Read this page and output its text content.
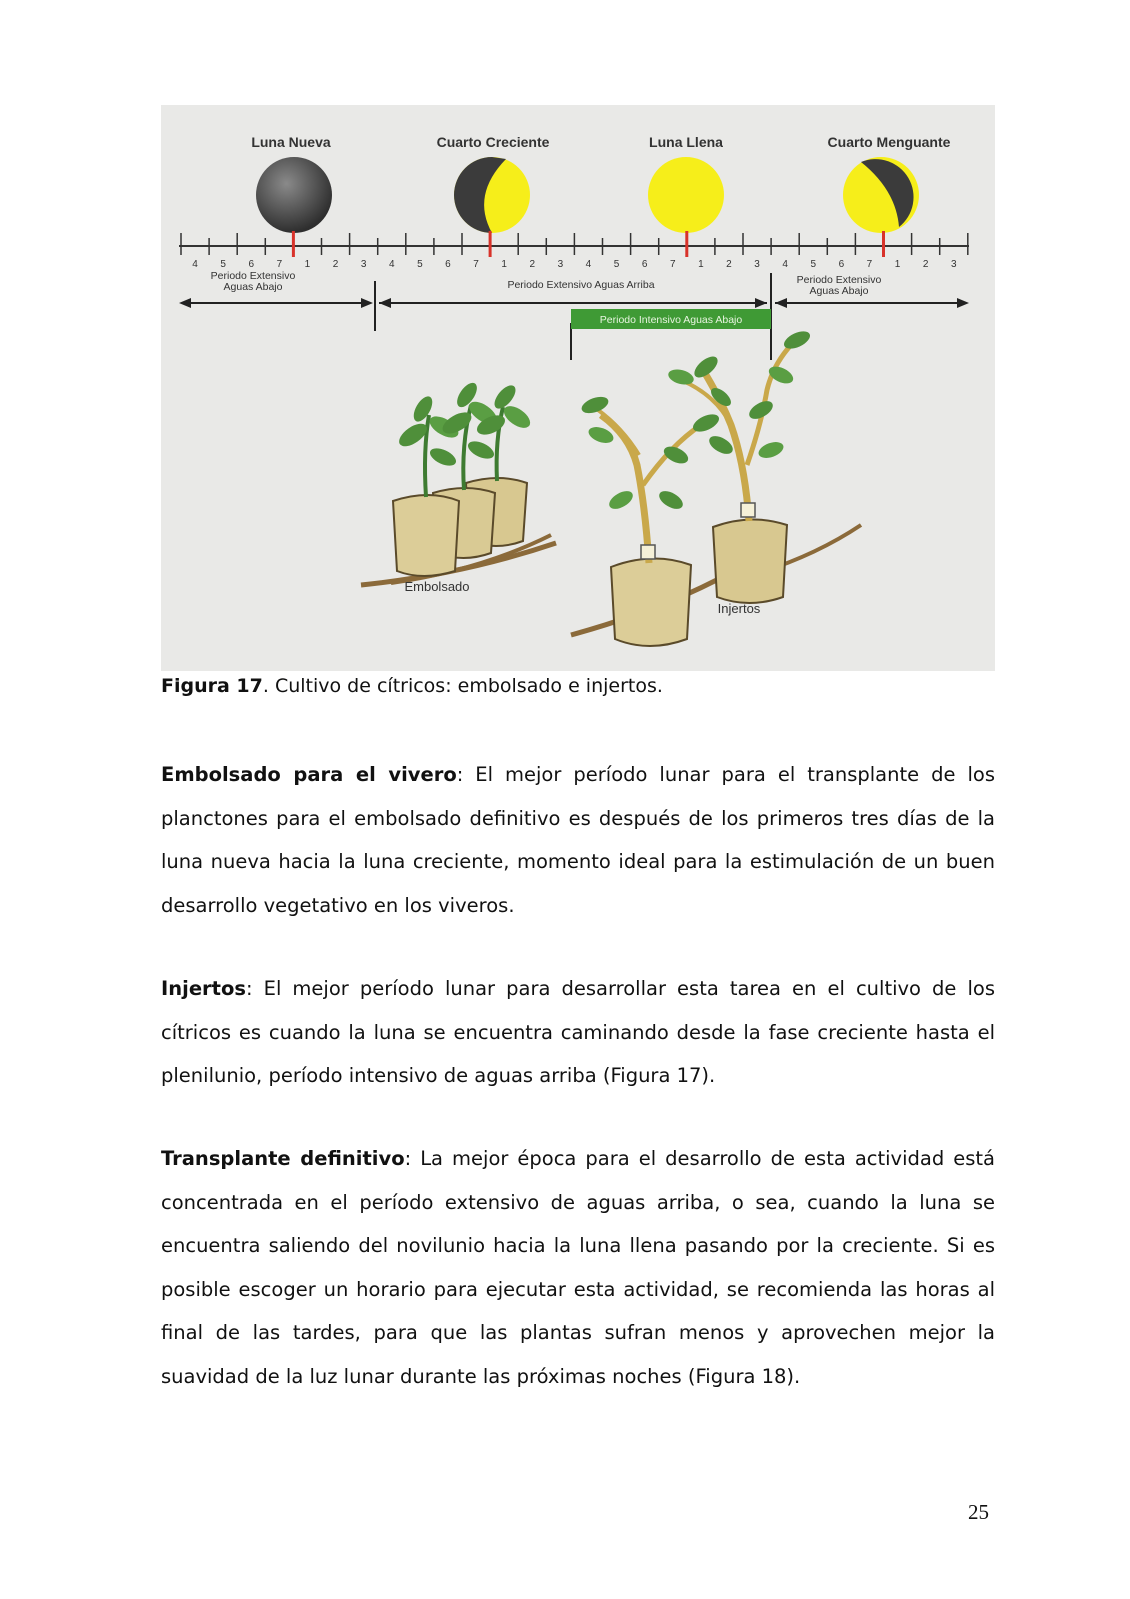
Luna Nueva	Cuarto Creciente	Luna Llena	Cuarto Menguante
4 5 6 7 1 2 3 4 5 6 7 1 2 3 4 5 6 7 1 2 3 4 5 6 7 1 2 3
Periodo Extensivo
Aguas Abajo	Periodo Extensivo Aguas Arriba	Periodo Extensivo
Aguas Abajo
Periodo Intensivo Aguas Abajo
Embolsado
Injertos
Figura 17. Cultivo de cítricos: embolsado e injertos.

Embolsado para el vivero: El mejor período lunar para el transplante de los planctones para el embolsado definitivo es después de los primeros tres días de la luna nueva hacia la luna creciente, momento ideal para la estimulación de un buen desarrollo vegetativo en los viveros.

Injertos: El mejor período lunar para desarrollar esta tarea en el cultivo de los cítricos es cuando la luna se encuentra caminando desde la fase creciente hasta el plenilunio, período intensivo de aguas arriba (Figura 17).

Transplante definitivo: La mejor época para el desarrollo de esta actividad está concentrada en el período extensivo de aguas arriba, o sea, cuando la luna se encuentra saliendo del novilunio hacia la luna llena pasando por la creciente. Si es posible escoger un horario para ejecutar esta actividad, se recomienda las horas al final de las tardes, para que las plantas sufran menos y aprovechen mejor la suavidad de la luz lunar durante las próximas noches (Figura 18).

25
